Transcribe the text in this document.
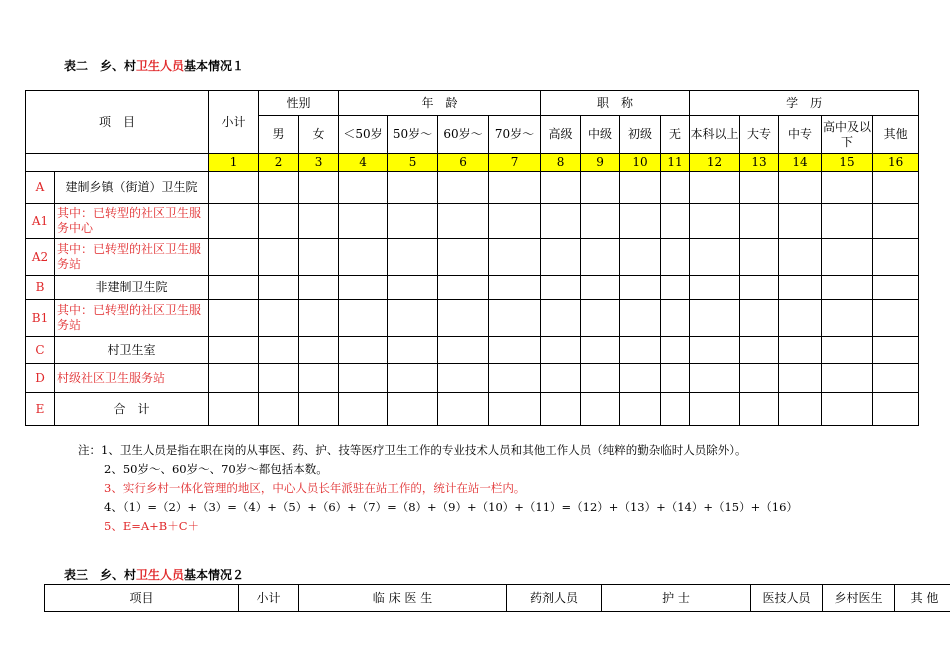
表二　乡、村卫生人员基本情况１
项　目		小计	性别		年　龄				职　称				学　历				
			男	女	＜50岁	50岁～	60岁～	70岁～	高级	中级	初级	无	本科以上	大专	中专	高中及以下	其他
		1	2	3	4	5	6	7	8	9	10	11	12	13	14	15	16
A	建制乡镇（街道）卫生院																
A1	其中：已转型的社区卫生服务中心																
A2	其中：已转型的社区卫生服务站																
B	非建制卫生院																
B1	其中：已转型的社区卫生服务站																
C	村卫生室																
D	村级社区卫生服务站																
E	合　计																
注：1、卫生人员是指在职在岗的从事医、药、护、技等医疗卫生工作的专业技术人员和其他工作人员（纯粹的勤杂临时人员除外）。
2、50岁～、60岁～、70岁～都包括本数。
3、实行乡村一体化管理的地区，中心人员长年派驻在站工作的，统计在站一栏内。
4、（1）=（2）+（3）=（4）+（5）+（6）+（7）=（8）+（9）+（10）+（11）=（12）+（13）+（14）+（15）+（16）
5、E=A+B＋C＋
表三　乡、村卫生人员基本情况２
项目	小计	临 床 医 生	药剂人员	护 士	医技人员	乡村医生	其 他
